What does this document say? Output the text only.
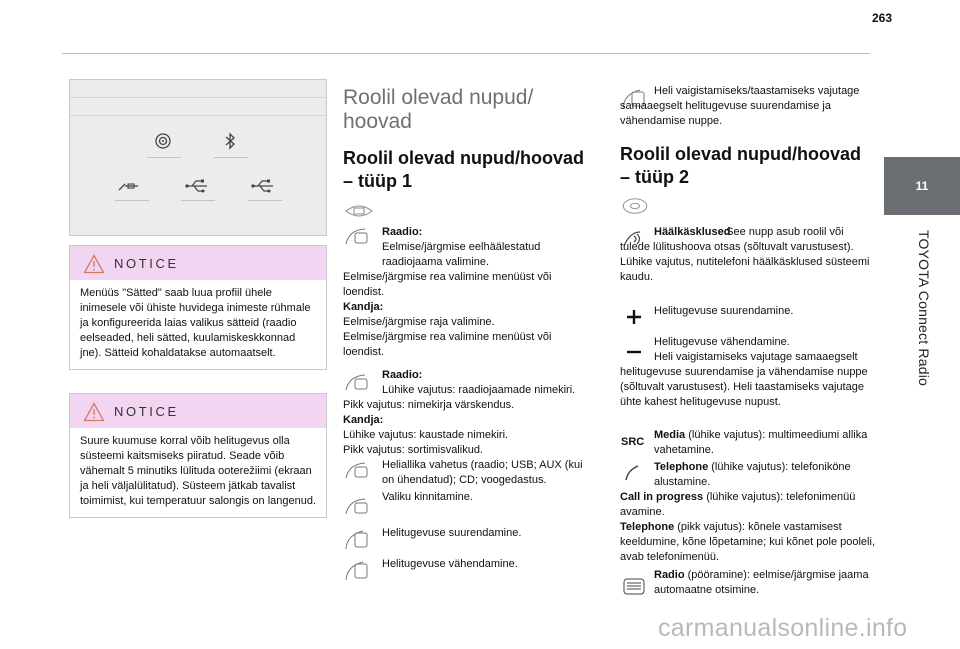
263
11
TOYOTA Connect Radio
NOTICE
Menüüs "Sätted" saab luua profiil ühele inimesele või ühiste huvidega inimeste rühmale ja konfigureerida laias valikus sätteid (raadio eelseaded, heli sätted, kuulamiskeskkonnad jne). Sätteid kohaldatakse automaatselt.
NOTICE
Suure kuumuse korral võib helitugevus olla süsteemi kaitsmiseks piiratud. Seade võib vähemalt 5 minutiks lülituda ooterežiimi (ekraan ja heli väljalülitatud). Süsteem jätkab tavalist toimimist, kui temperatuur salongis on langenud.
Roolil olevad nupud/ hoovad
Roolil olevad nupud/hoovad – tüüp 1
Raadio:
Eelmise/järgmise eelhäälestatud raadiojaama valimine.
Eelmise/järgmise rea valimine menüüst või loendist.
Kandja:
Eelmise/järgmise raja valimine.
Eelmise/järgmise rea valimine menüüst või loendist.
Raadio:
Lühike vajutus: raadiojaamade nimekiri.
Pikk vajutus: nimekirja värskendus.
Kandja:
Lühike vajutus: kaustade nimekiri.
Pikk vajutus: sortimisvalikud.
Heliallika vahetus (raadio; USB; AUX (kui on ühendatud); CD; voogedastus.
Valiku kinnitamine.
Helitugevuse suurendamine.
Helitugevuse vähendamine.
Heli vaigistamiseks/taastamiseks vajutage samaaegselt helitugevuse suurendamise ja vähendamise nuppe.
Roolil olevad nupud/hoovad – tüüp 2
Häälkäsklused
: See nupp asub roolil või tulede lülitushoova otsas (sõltuvalt varustusest). Lühike vajutus, nutitelefoni häälkäsklused süsteemi kaudu.
Helitugevuse suurendamine.
Helitugevuse vähendamine.
Heli vaigistamiseks vajutage samaaegselt helitugevuse suurendamise ja vähendamise nuppe (sõltuvalt varustusest). Heli taastamiseks vajutage ühte kahest helitugevuse nupust.
SRC
Media (lühike vajutus): multimeediumi allika vahetamine.
Telephone (lühike vajutus): telefoniköne alustamine.
Call in progress (lühike vajutus): telefonimenüü avamine.
Telephone (pikk vajutus): kõnele vastamisest keeldumine, kõne lõpetamine; kui kõnet pole pooleli, avab telefonimenüü.
Radio (pööramine): eelmise/järgmise jaama automaatne otsimine.
carmanualsonline.info
